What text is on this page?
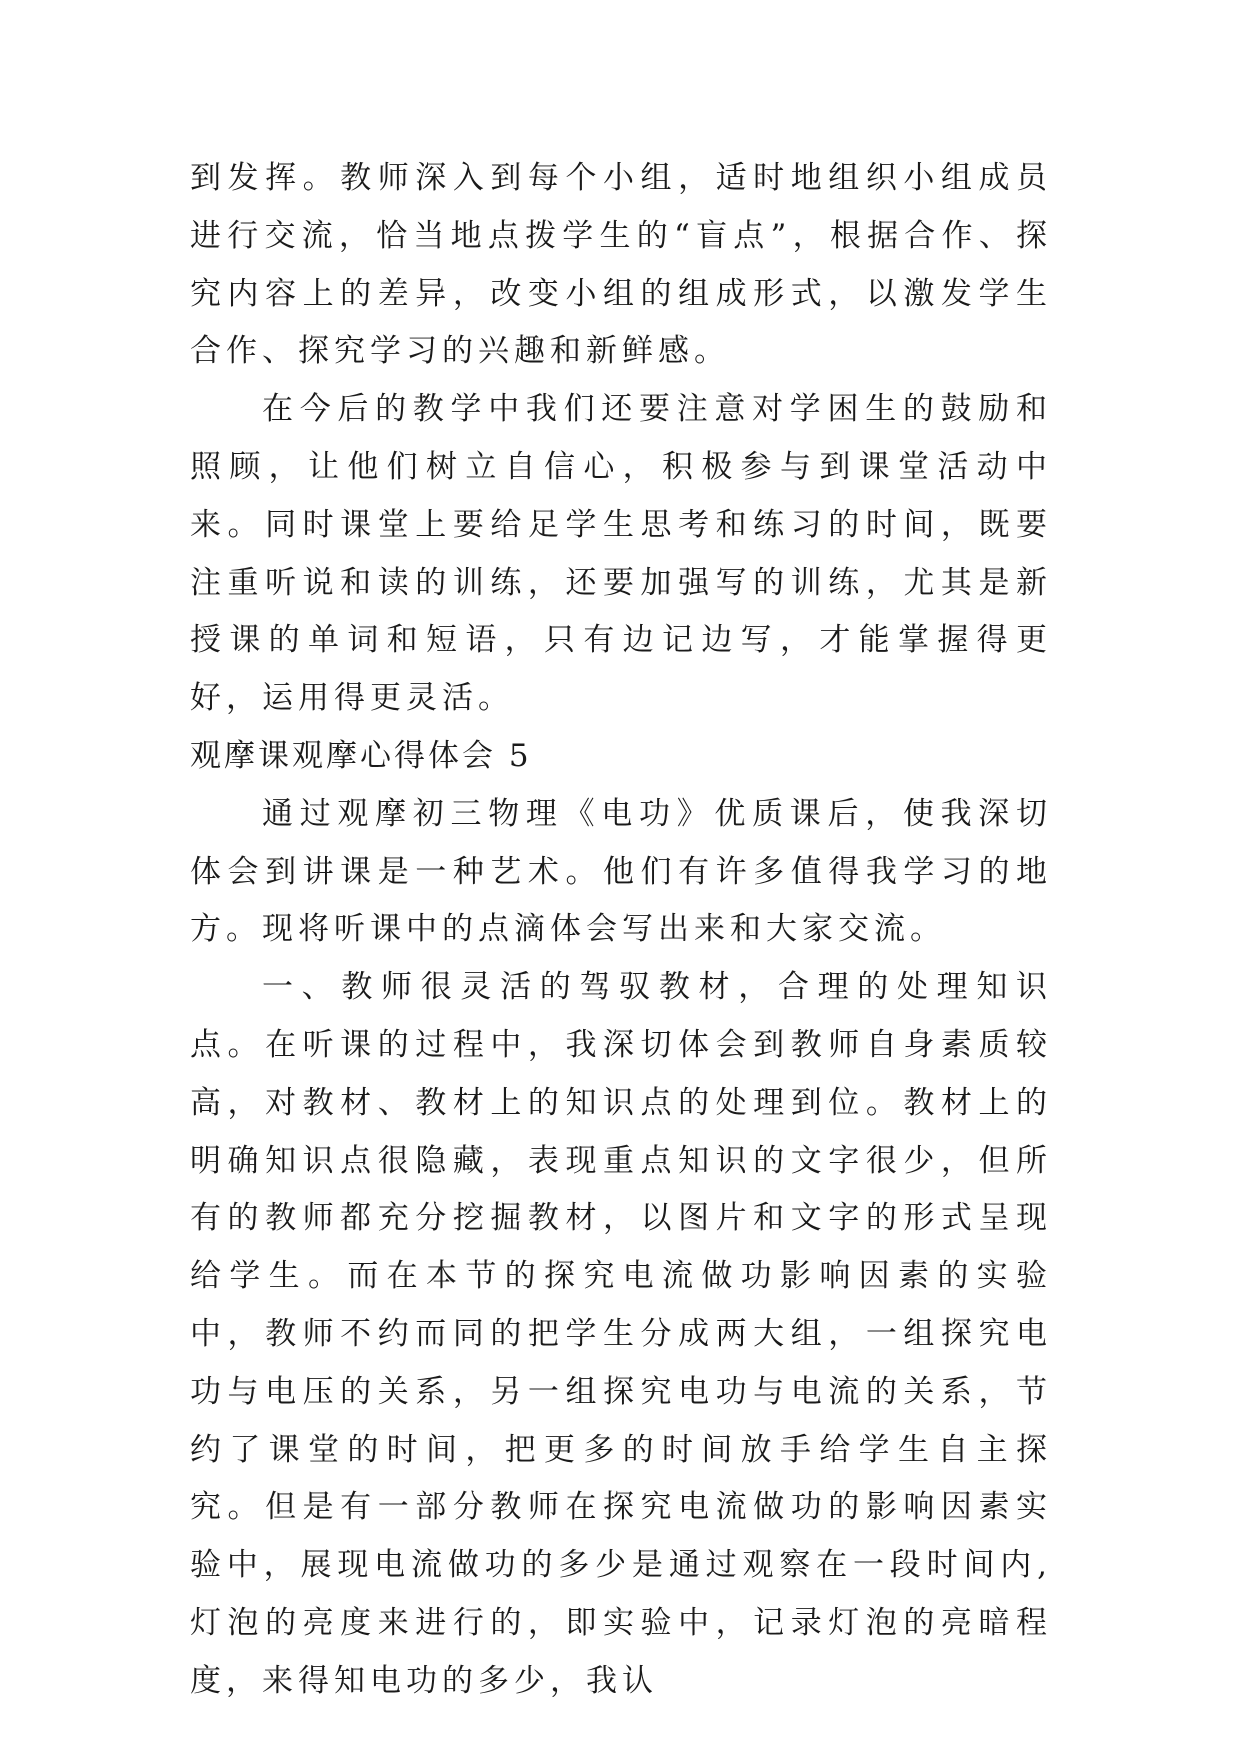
到发挥。教师深入到每个小组，适时地组织小组成员进行交流，恰当地点拨学生的“盲点”，根据合作、探究内容上的差异，改变小组的组成形式，以激发学生合作、探究学习的兴趣和新鲜感。

在今后的教学中我们还要注意对学困生的鼓励和照顾，让他们树立自信心，积极参与到课堂活动中来。同时课堂上要给足学生思考和练习的时间，既要注重听说和读的训练，还要加强写的训练，尤其是新授课的单词和短语，只有边记边写，才能掌握得更好，运用得更灵活。

观摩课观摩心得体会 5

通过观摩初三物理《电功》优质课后，使我深切体会到讲课是一种艺术。他们有许多值得我学习的地方。现将听课中的点滴体会写出来和大家交流。

一、教师很灵活的驾驭教材，合理的处理知识点。在听课的过程中，我深切体会到教师自身素质较高，对教材、教材上的知识点的处理到位。教材上的明确知识点很隐藏，表现重点知识的文字很少，但所有的教师都充分挖掘教材，以图片和文字的形式呈现给学生。而在本节的探究电流做功影响因素的实验中，教师不约而同的把学生分成两大组，一组探究电功与电压的关系，另一组探究电功与电流的关系，节约了课堂的时间，把更多的时间放手给学生自主探究。但是有一部分教师在探究电流做功的影响因素实验中，展现电流做功的多少是通过观察在一段时间内,灯泡的亮度来进行的，即实验中，记录灯泡的亮暗程度，来得知电功的多少，我认
